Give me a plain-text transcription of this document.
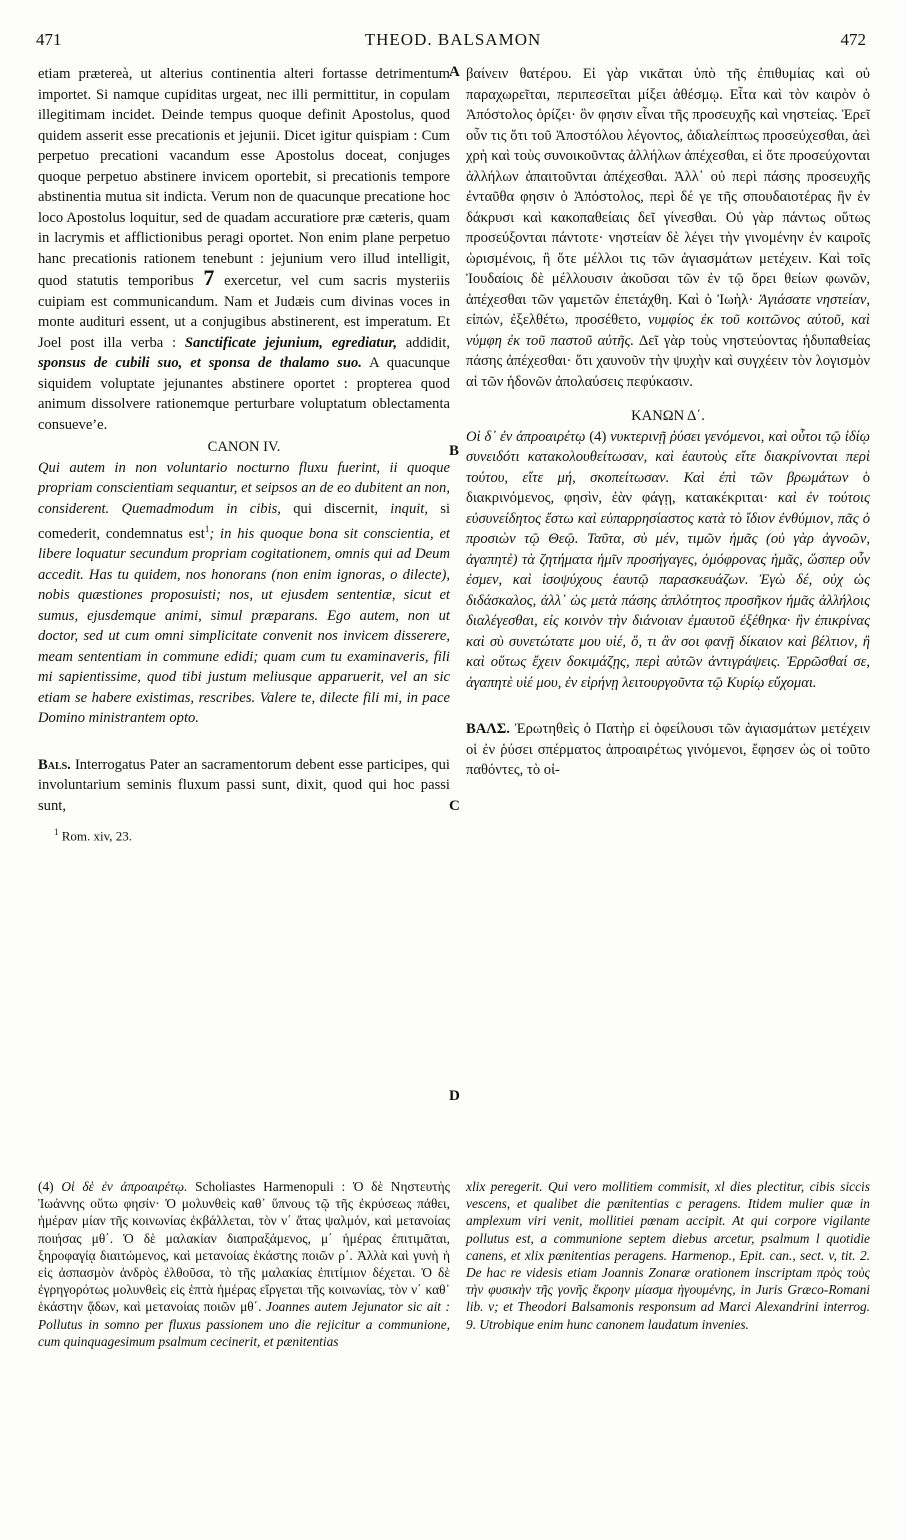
471	THEOD. BALSAMON	472
A
B
C
D

etiam prætereà, ut alterius continentia alteri fortasse detrimentum importet. Si namque cupiditas urgeat, nec illi permittitur, in copulam illegitimam incidet. Deinde tempus quoque definit Apostolus, quod quidem asserit esse precationis et jejunii. Dicet igitur quispiam : Cum perpetuo precationi vacandum esse Apostolus doceat, conjuges quoque perpetuo abstinere invicem oportebit, si precationis tempore abstinentia mutua sit indicta. Verum non de quacunque precatione hoc loco Apostolus loquitur, sed de quadam accuratiore præ cæteris, quam in lacrymis et afflictionibus peragi oportet. Non enim plane perpetuo hanc precationis rationem tenebunt : jejunium vero illud intelligit, quod statutis temporibus 7 exercetur, vel cum sacris mysteriis cuipiam est communicandum. Nam et Judæis cum divinas voces in monte audituri essent, ut a conjugibus abstinerent, est imperatum. Et Joel post illa verba : Sanctificate jejunium, egrediatur, addidit, sponsus de cubili suo, et sponsa de thalamo suo. A quacunque siquidem voluptate jejunantes abstinere oportet : propterea quod animum dissolvere rationemque perturbare voluptatum oblectamenta consueve’e.

CANON IV.

Qui autem in non voluntario nocturno fluxu fuerint, ii quoque propriam conscientiam sequantur, et seipsos an de eo dubitent an non, considerent. Quemadmodum in cibis, qui discernit, inquit, si comederit, condemnatus est$^1$; in his quoque bona sit conscientia, et libere loquatur secundum propriam cogitationem, omnis qui ad Deum accedit. Has tu quidem, nos honorans (non enim ignoras, o dilecte), nobis quæstiones proposuisti; nos, ut ejusdem sententiæ, sicut et sumus, ejusdemque animi, simul præparans. Ego autem, non ut doctor, sed ut cum omni simplicitate convenit nos invicem disserere, meam sententiam in commune edidi; quam cum tu examinaveris, fili mi sapientissime, quod tibi justum meliusque apparuerit, vel an sic etiam se habere existimas, rescribes. Valere te, dilecte fili mi, in pace Domino ministrantem opto.

Bals. Interrogatus Pater an sacramentorum debent esse participes, qui involuntarium seminis fluxum passi sunt, dixit, quod qui hoc passi sunt,

$^1$ Rom. xiv, 23.

βαίνειν θατέρου. Εἰ γὰρ νικᾶται ὑπὸ τῆς ἐπιθυμίας καὶ οὐ παραχωρεῖται, περιπεσεῖται μίξει ἀθέσμῳ. Εἶτα καὶ τὸν καιρὸν ὁ Ἀπόστολος ὁρίζει· ὃν φησιν εἶναι τῆς προσευχῆς καὶ νηστείας. Ἐρεῖ οὖν τις ὅτι τοῦ Ἀποστόλου λέγοντος, ἀδιαλείπτως προσεύχεσθαι, ἀεὶ χρὴ καὶ τοὺς συνοικοῦντας ἀλλήλων ἀπέχεσθαι, εἰ ὅτε προσεύχονται ἀλλήλων ἀπαιτοῦνται ἀπέχεσθαι. Ἀλλ᾽ οὐ περὶ πάσης προσευχῆς ἐνταῦθα φησιν ὁ Ἀπόστολος, περὶ δέ γε τῆς σπουδαιοτέρας ἣν ἐν δάκρυσι καὶ κακοπαθείαις δεῖ γίνεσθαι. Οὐ γὰρ πάντως οὕτως προσεύξονται πάντοτε· νηστείαν δὲ λέγει τὴν γινομένην ἐν καιροῖς ὡρισμένοις, ἢ ὅτε μέλλοι τις τῶν ἁγιασμάτων μετέχειν. Καὶ τοῖς Ἰουδαίοις δὲ μέλλουσιν ἀκοῦσαι τῶν ἐν τῷ ὄρει θείων φωνῶν, ἀπέχεσθαι τῶν γαμετῶν ἐπετάχθη. Καὶ ὁ Ἰωὴλ· Ἁγιάσατε νηστείαν, εἰπών, ἐξελθέτω, προσέθετο, νυμφίος ἐκ τοῦ κοιτῶνος αὐτοῦ, καὶ νύμφη ἐκ τοῦ παστοῦ αὐτῆς. Δεῖ γὰρ τοὺς νηστεύοντας ἡδυπαθείας πάσης ἀπέχεσθαι· ὅτι χαυνοῦν τὴν ψυχὴν καὶ συγχέειν τὸν λογισμὸν αἱ τῶν ἡδονῶν ἀπολαύσεις πεφύκασιν.

ΚΑΝΩΝ Δ΄.

Οἱ δ᾽ ἐν ἀπροαιρέτῳ (4) νυκτερινῇ ῥύσει γενόμενοι, καὶ οὗτοι τῷ ἰδίῳ συνειδότι κατακολουθείτωσαν, καὶ ἑαυτοὺς εἴτε διακρίνονται περὶ τούτου, εἴτε μή, σκοπείτωσαν. Καὶ ἐπὶ τῶν βρωμάτων ὁ διακρινόμενος, φησὶν, ἐὰν φάγῃ, κατακέκριται· καὶ ἐν τούτοις εὐσυνείδητος ἔστω καὶ εὐπαρρησίαστος κατὰ τὸ ἴδιον ἐνθύμιον, πᾶς ὁ προσιὼν τῷ Θεῷ. Ταῦτα, σὺ μέν, τιμῶν ἡμᾶς (οὐ γὰρ ἀγνοῶν, ἀγαπητὲ) τὰ ζητήματα ἡμῖν προσήγαγες, ὁμόφρονας ἡμᾶς, ὥσπερ οὖν ἐσμεν, καὶ ἰσοψύχους ἑαυτῷ παρασκευάζων. Ἐγὼ δέ, οὐχ ὡς διδάσκαλος, ἀλλ᾽ ὡς μετὰ πάσης ἁπλότητος προσῆκον ἡμᾶς ἀλλήλοις διαλέγεσθαι, εἰς κοινὸν τὴν διάνοιαν ἐμαυτοῦ ἐξέθηκα· ἣν ἐπικρίνας καὶ σὺ συνετώτατε μου υἱέ, ὅ, τι ἂν σοι φανῇ δίκαιον καὶ βέλτιον, ἢ καὶ οὕτως ἔχειν δοκιμάζῃς, περὶ αὐτῶν ἀντιγράψεις. Ἐρρῶσθαί σε, ἀγαπητὲ υἱέ μου, ἐν εἰρήνῃ λειτουργοῦντα τῷ Κυρίῳ εὔχομαι.

ΒΑΛΣ. Ἐρωτηθεὶς ὁ Πατὴρ εἰ ὀφείλουσι τῶν ἁγιασμάτων μετέχειν οἱ ἐν ῥύσει σπέρματος ἀπροαιρέτως γινόμενοι, ἔφησεν ὡς οἱ τοῦτο παθόντες, τὸ οἰ-

(4) Οἱ δὲ ἐν ἀπροαιρέτῳ. Scholiastes Harmenopuli : Ὁ δὲ Νηστευτὴς Ἰωάννης οὕτω φησίν· Ὁ μολυνθεὶς καθ᾽ ὕπνους τῷ τῆς ἐκρύσεως πάθει, ἡμέραν μίαν τῆς κοινωνίας ἐκβάλλεται, τὸν ν΄ ἄτας ψαλμόν, καὶ μετανοίας ποιήσας μθ΄. Ὁ δὲ μαλακίαν διαπραξάμενος, μ΄ ἡμέρας ἐπιτιμᾶται, ξηροφαγίᾳ διαιτώμενος, καὶ μετανοίας ἑκάστης ποιῶν ρ΄. Ἀλλὰ καὶ γυνὴ ἡ εἰς ἀσπασμὸν ἀνδρὸς ἐλθοῦσα, τὸ τῆς μαλακίας ἐπιτίμιον δέχεται. Ὁ δὲ ἐγρηγορότως μολυνθεὶς εἰς ἑπτὰ ἡμέρας εἴργεται τῆς κοινωνίας, τὸν ν΄ καθ᾽ ἑκάστην ᾄδων, καὶ μετανοίας ποιῶν μθ΄. Joannes autem Jejunator sic ait : Pollutus in somno per fluxus passionem uno die rejicitur a communione, cum quinquagesimum psalmum cecinerit, et pænitentias

xlix peregerit. Qui vero mollitiem commisit, xl dies plectitur, cibis siccis vescens, et qualibet die pænitentias c peragens. Itidem mulier quæ in amplexum viri venit, mollitiei pœnam accipit. At qui corpore vigilante pollutus est, a communione septem diebus arcetur, psalmum l quotidie canens, et xlix pænitentias peragens. Harmenop., Epit. can., sect. v, tit. 2. De hac re videsis etiam Joannis Zonaræ orationem inscriptam πρὸς τοὺς τὴν φυσικὴν τῆς γονῆς ἔκροην μίασμα ἡγουμένης, in Juris Græco-Romani lib. v; et Theodori Balsamonis responsum ad Marci Alexandrini interrog. 9. Utrobique enim hunc canonem laudatum invenies.
